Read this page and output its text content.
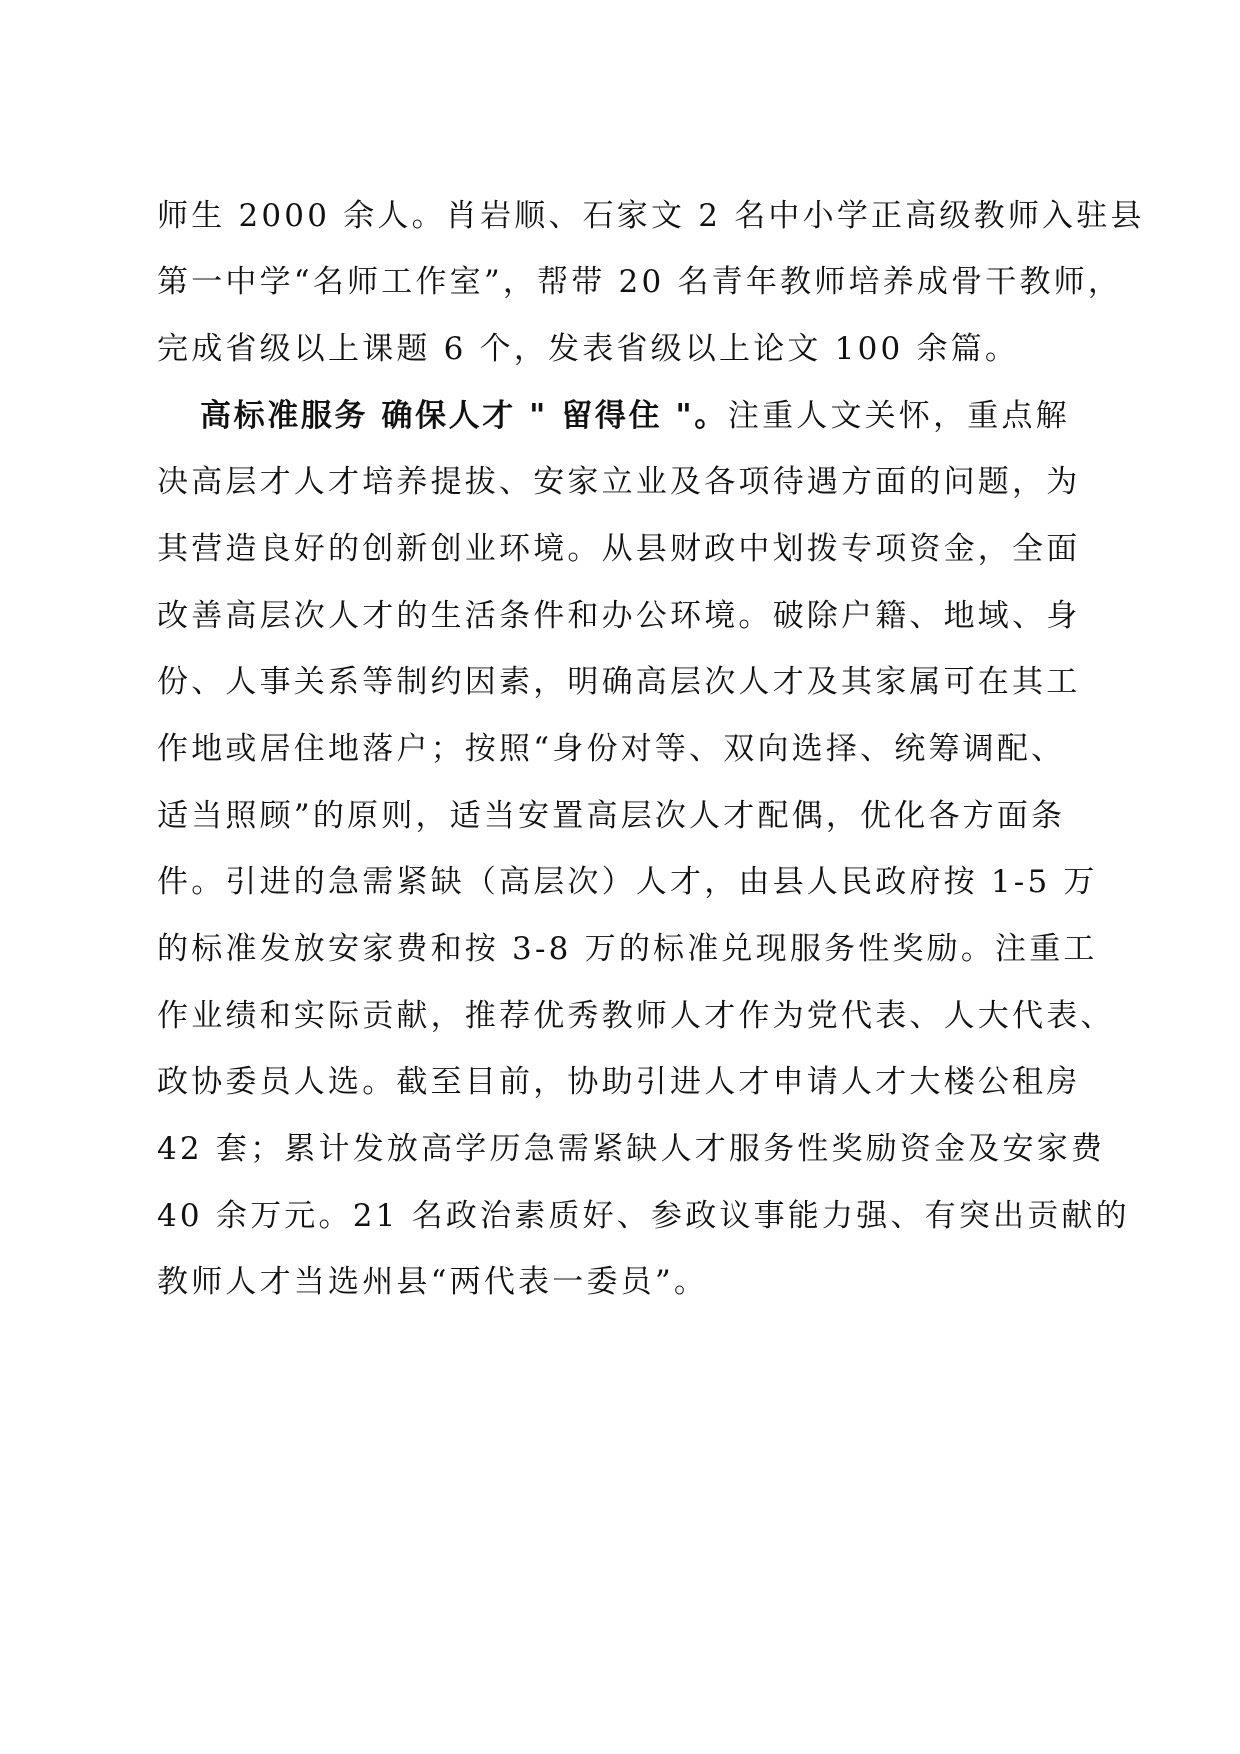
师生 2000 余人。肖岩顺、石家文 2 名中小学正高级教师入驻县
第一中学“名师工作室”，帮带 20 名青年教师培养成骨干教师，
完成省级以上课题 6 个，发表省级以上论文 100 余篇。
高标准服务 确保人才 " 留得住 "。注重人文关怀，重点解
决高层才人才培养提拔、安家立业及各项待遇方面的问题，为
其营造良好的创新创业环境。从县财政中划拨专项资金，全面
改善高层次人才的生活条件和办公环境。破除户籍、地域、身
份、人事关系等制约因素，明确高层次人才及其家属可在其工
作地或居住地落户；按照“身份对等、双向选择、统筹调配、
适当照顾”的原则，适当安置高层次人才配偶，优化各方面条
件。引进的急需紧缺（高层次）人才，由县人民政府按 1-5 万
的标准发放安家费和按 3-8 万的标准兑现服务性奖励。注重工
作业绩和实际贡献，推荐优秀教师人才作为党代表、人大代表、
政协委员人选。截至目前，协助引进人才申请人才大楼公租房
42 套；累计发放高学历急需紧缺人才服务性奖励资金及安家费
40 余万元。21 名政治素质好、参政议事能力强、有突出贡献的
教师人才当选州县“两代表一委员”。
